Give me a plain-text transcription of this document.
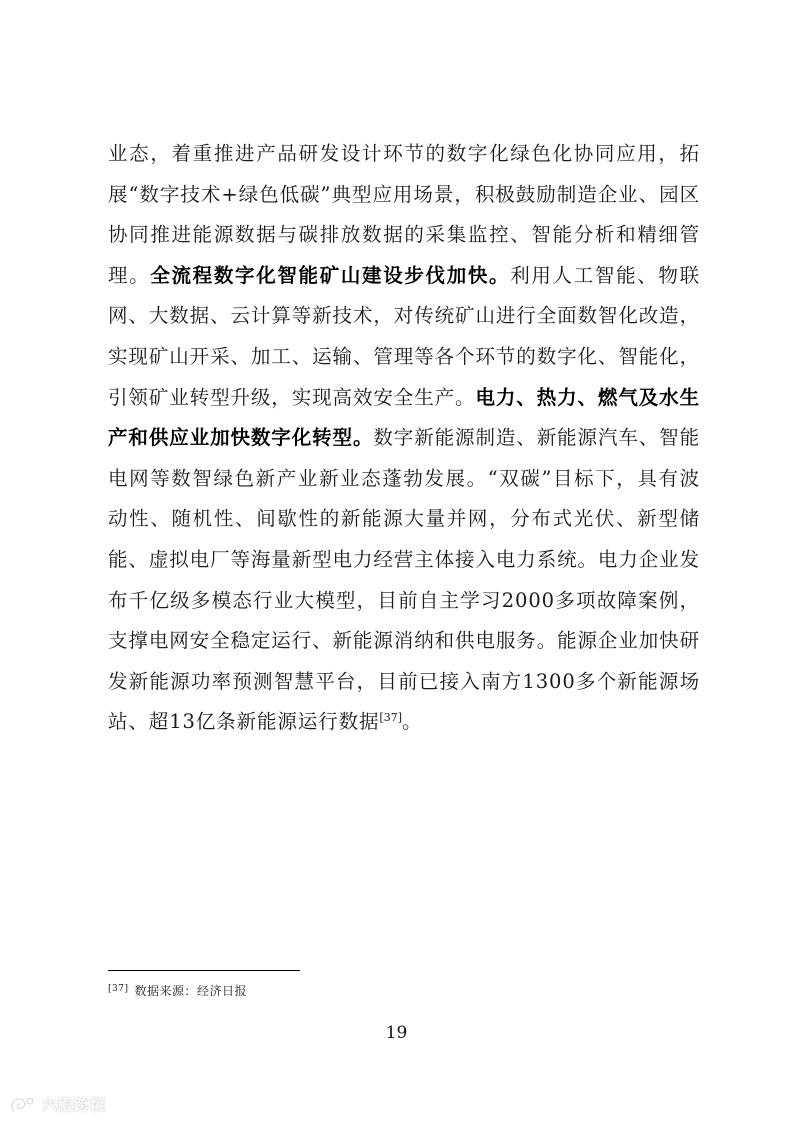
业态，着重推进产品研发设计环节的数字化绿色化协同应用，拓展“数字技术+绿色低碳”典型应用场景，积极鼓励制造企业、园区协同推进能源数据与碳排放数据的采集监控、智能分析和精细管理。全流程数字化智能矿山建设步伐加快。利用人工智能、物联网、大数据、云计算等新技术，对传统矿山进行全面数智化改造，实现矿山开采、加工、运输、管理等各个环节的数字化、智能化，引领矿业转型升级，实现高效安全生产。电力、热力、燃气及水生产和供应业加快数字化转型。数字新能源制造、新能源汽车、智能电网等数智绿色新产业新业态蓬勃发展。“双碳”目标下，具有波动性、随机性、间歇性的新能源大量并网，分布式光伏、新型储能、虚拟电厂等海量新型电力经营主体接入电力系统。电力企业发布千亿级多模态行业大模型，目前自主学习2000多项故障案例，支撑电网安全稳定运行、新能源消纳和供电服务。能源企业加快研发新能源功率预测智慧平台，目前已接入南方1300多个新能源场站、超13亿条新能源运行数据[37]。
[37] 数据来源：经济日报
19
六殿跨境
